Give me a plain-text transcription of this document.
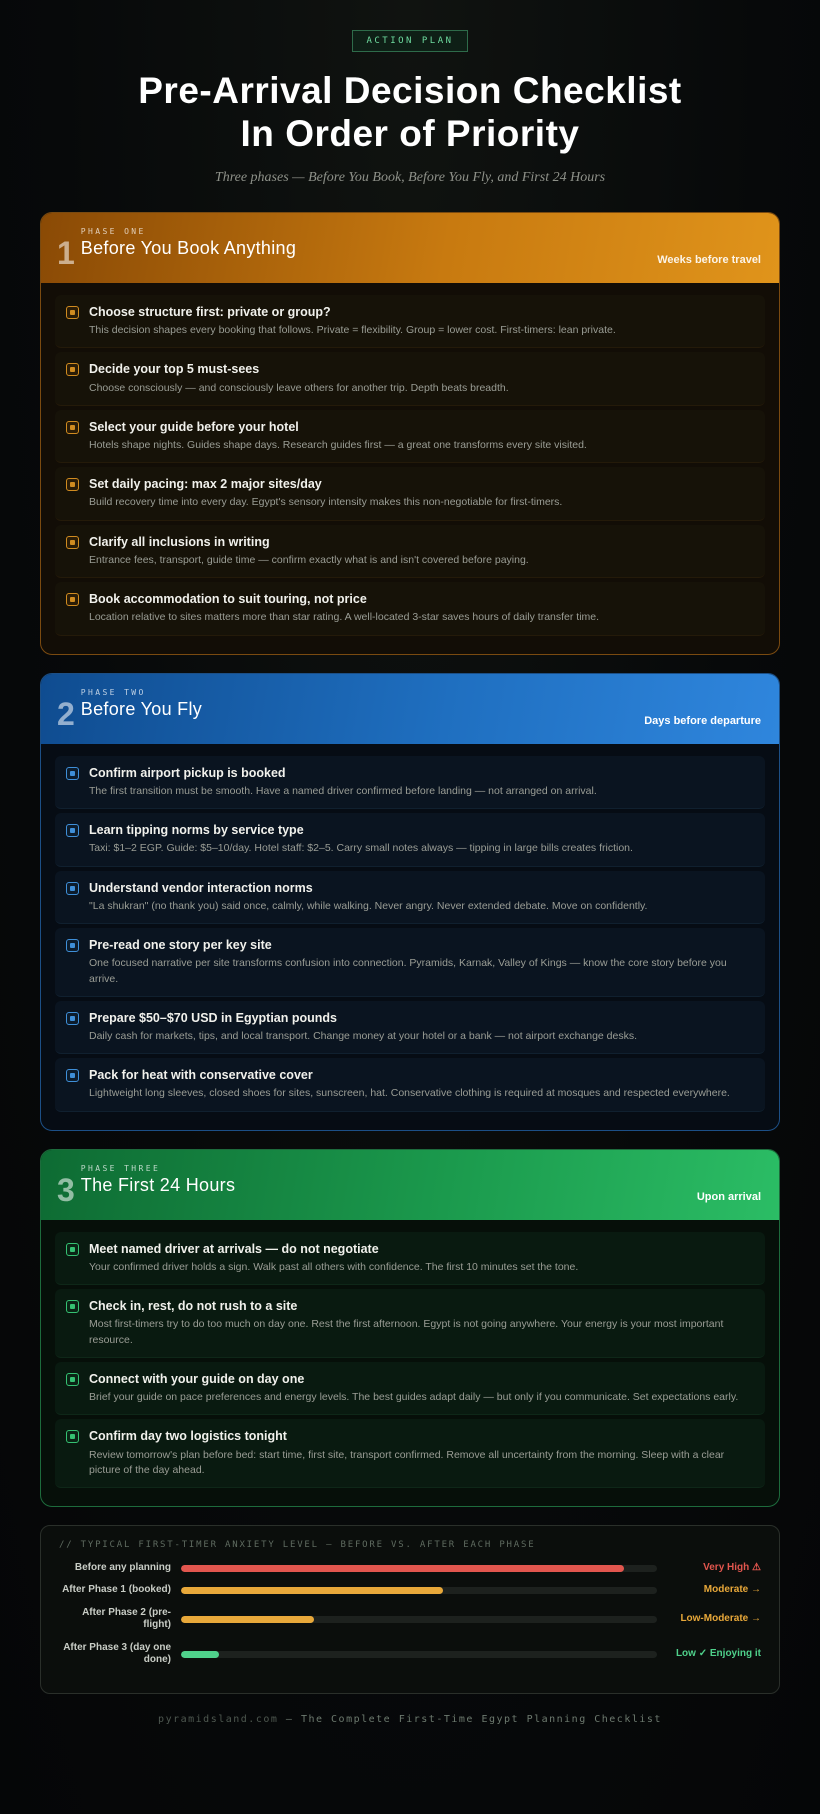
ACTION PLAN
Pre-Arrival Decision Checklist
In Order of Priority
Three phases — Before You Book, Before You Fly, and First 24 Hours
1
PHASE ONE
Before You Book Anything
Weeks before travel
Choose structure first: private or group?
This decision shapes every booking that follows. Private = flexibility. Group = lower cost. First-timers: lean private.
Decide your top 5 must-sees
Choose consciously — and consciously leave others for another trip. Depth beats breadth.
Select your guide before your hotel
Hotels shape nights. Guides shape days. Research guides first — a great one transforms every site visited.
Set daily pacing: max 2 major sites/day
Build recovery time into every day. Egypt's sensory intensity makes this non-negotiable for first-timers.
Clarify all inclusions in writing
Entrance fees, transport, guide time — confirm exactly what is and isn't covered before paying.
Book accommodation to suit touring, not price
Location relative to sites matters more than star rating. A well-located 3-star saves hours of daily transfer time.
2
PHASE TWO
Before You Fly
Days before departure
Confirm airport pickup is booked
The first transition must be smooth. Have a named driver confirmed before landing — not arranged on arrival.
Learn tipping norms by service type
Taxi: $1–2 EGP. Guide: $5–10/day. Hotel staff: $2–5. Carry small notes always — tipping in large bills creates friction.
Understand vendor interaction norms
"La shukran" (no thank you) said once, calmly, while walking. Never angry. Never extended debate. Move on confidently.
Pre-read one story per key site
One focused narrative per site transforms confusion into connection. Pyramids, Karnak, Valley of Kings — know the core story before you arrive.
Prepare $50–$70 USD in Egyptian pounds
Daily cash for markets, tips, and local transport. Change money at your hotel or a bank — not airport exchange desks.
Pack for heat with conservative cover
Lightweight long sleeves, closed shoes for sites, sunscreen, hat. Conservative clothing is required at mosques and respected everywhere.
3
PHASE THREE
The First 24 Hours
Upon arrival
Meet named driver at arrivals — do not negotiate
Your confirmed driver holds a sign. Walk past all others with confidence. The first 10 minutes set the tone.
Check in, rest, do not rush to a site
Most first-timers try to do too much on day one. Rest the first afternoon. Egypt is not going anywhere. Your energy is your most important resource.
Connect with your guide on day one
Brief your guide on pace preferences and energy levels. The best guides adapt daily — but only if you communicate. Set expectations early.
Confirm day two logistics tonight
Review tomorrow's plan before bed: start time, first site, transport confirmed. Remove all uncertainty from the morning. Sleep with a clear picture of the day ahead.
// TYPICAL FIRST-TIMER ANXIETY LEVEL — BEFORE VS. AFTER EACH PHASE
Before any planning	Very High ⚠
After Phase 1 (booked)	Moderate →
After Phase 2 (pre-flight)
Low-Moderate →
After Phase 3 (day one done)
Low ✓ Enjoying it
pyramidsland.com — The Complete First-Time Egypt Planning Checklist
